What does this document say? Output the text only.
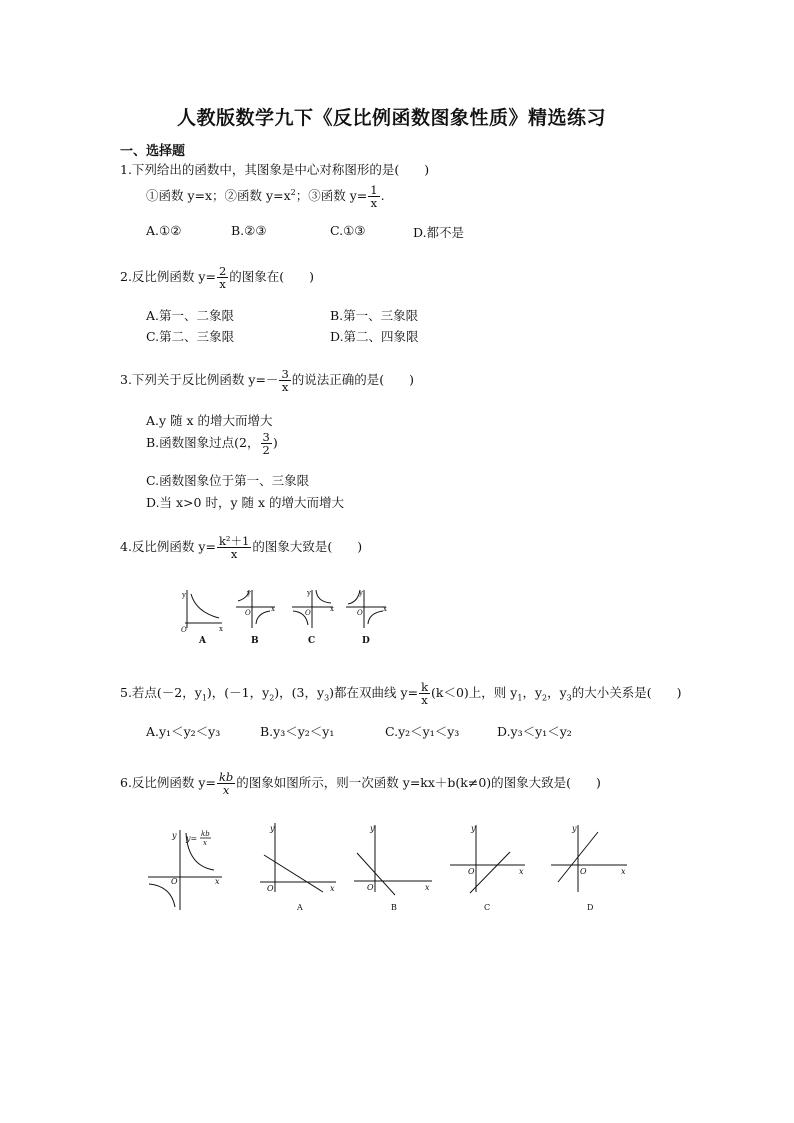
人教版数学九下《反比例函数图象性质》精选练习
一、选择题
1.下列给出的函数中，其图象是中心对称图形的是(　　)
①函数 y=x；②函数 $y=x^2$；③函数 $y= \frac{1}{x}$ .
A.①②	B.②③	C.①③	D.都不是
2.反比例函数 $y= \frac{2}{x}$ 的图象在(　　)
A.第一、二象限	B.第一、三象限
C.第二、三象限	D.第二、四象限
3.下列关于反比例函数 $y=- \frac{3}{x}$ 的说法正确的是(　　)
A.y 随 x 的增大而增大
B.函数图象过点(2， $\frac{3}{2}$ )
C.函数图象位于第一、三象限
D.当 x>0 时，y 随 x 的增大而增大
4.反比例函数 $y= \frac{\text{k²＋1}}{x}$ 的图象大致是(　　)
y
O	x
A
y
O	x
B
y
O	x
C
y
O	x
D
5.若点(－2，$y_1$)，(－1，$y_2$)，(3，$y_3$)都在双曲线 $y= \frac{k}{x} (k<0)$上，则 $y_1$，$y_2$，$y_3$的大小关系是(　　)
A.y₁＜y₂＜y₃	B.y₃＜y₂＜y₁	C.y₂＜y₁＜y₃	D.y₃＜y₁＜y₂
6.反比例函数 $y= \frac{kb}{x}$ 的图象如图所示，则一次函数 y=kx＋b(k≠0)的图象大致是(　　)
y y= kb
x
O	x
y
O	x
A
y
O	x
B
y
O	x
C
y
O	x
D
